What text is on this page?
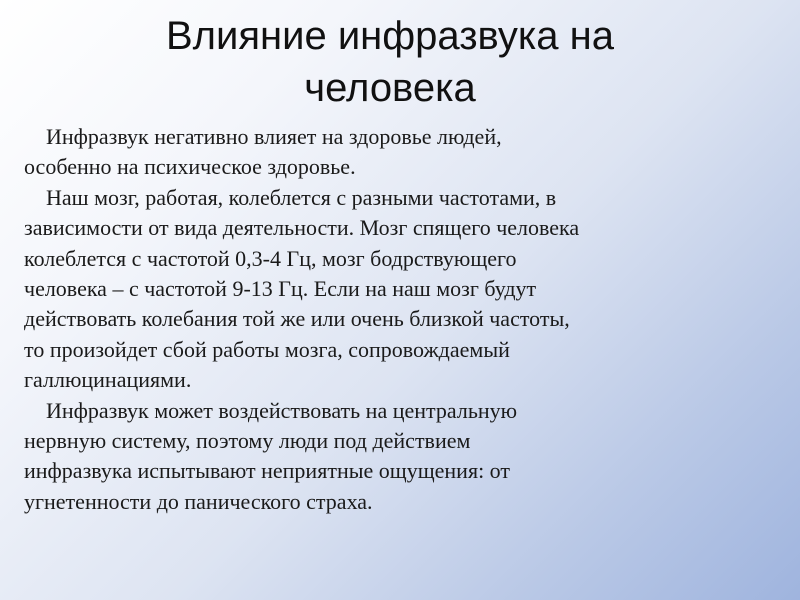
Влияние инфразвука на
человека
Инфразвук негативно влияет на здоровье людей,
особенно на психическое здоровье.
Наш мозг, работая, колеблется с разными частотами, в
зависимости от вида деятельности. Мозг спящего человека
колеблется с частотой 0,3-4 Гц, мозг бодрствующего
человека – с частотой 9-13 Гц. Если на наш мозг будут
действовать колебания той же или очень близкой частоты,
то произойдет сбой работы мозга, сопровождаемый
галлюцинациями.
Инфразвук может воздействовать на центральную
нервную систему, поэтому люди под действием
инфразвука испытывают неприятные ощущения: от
угнетенности до панического страха.
